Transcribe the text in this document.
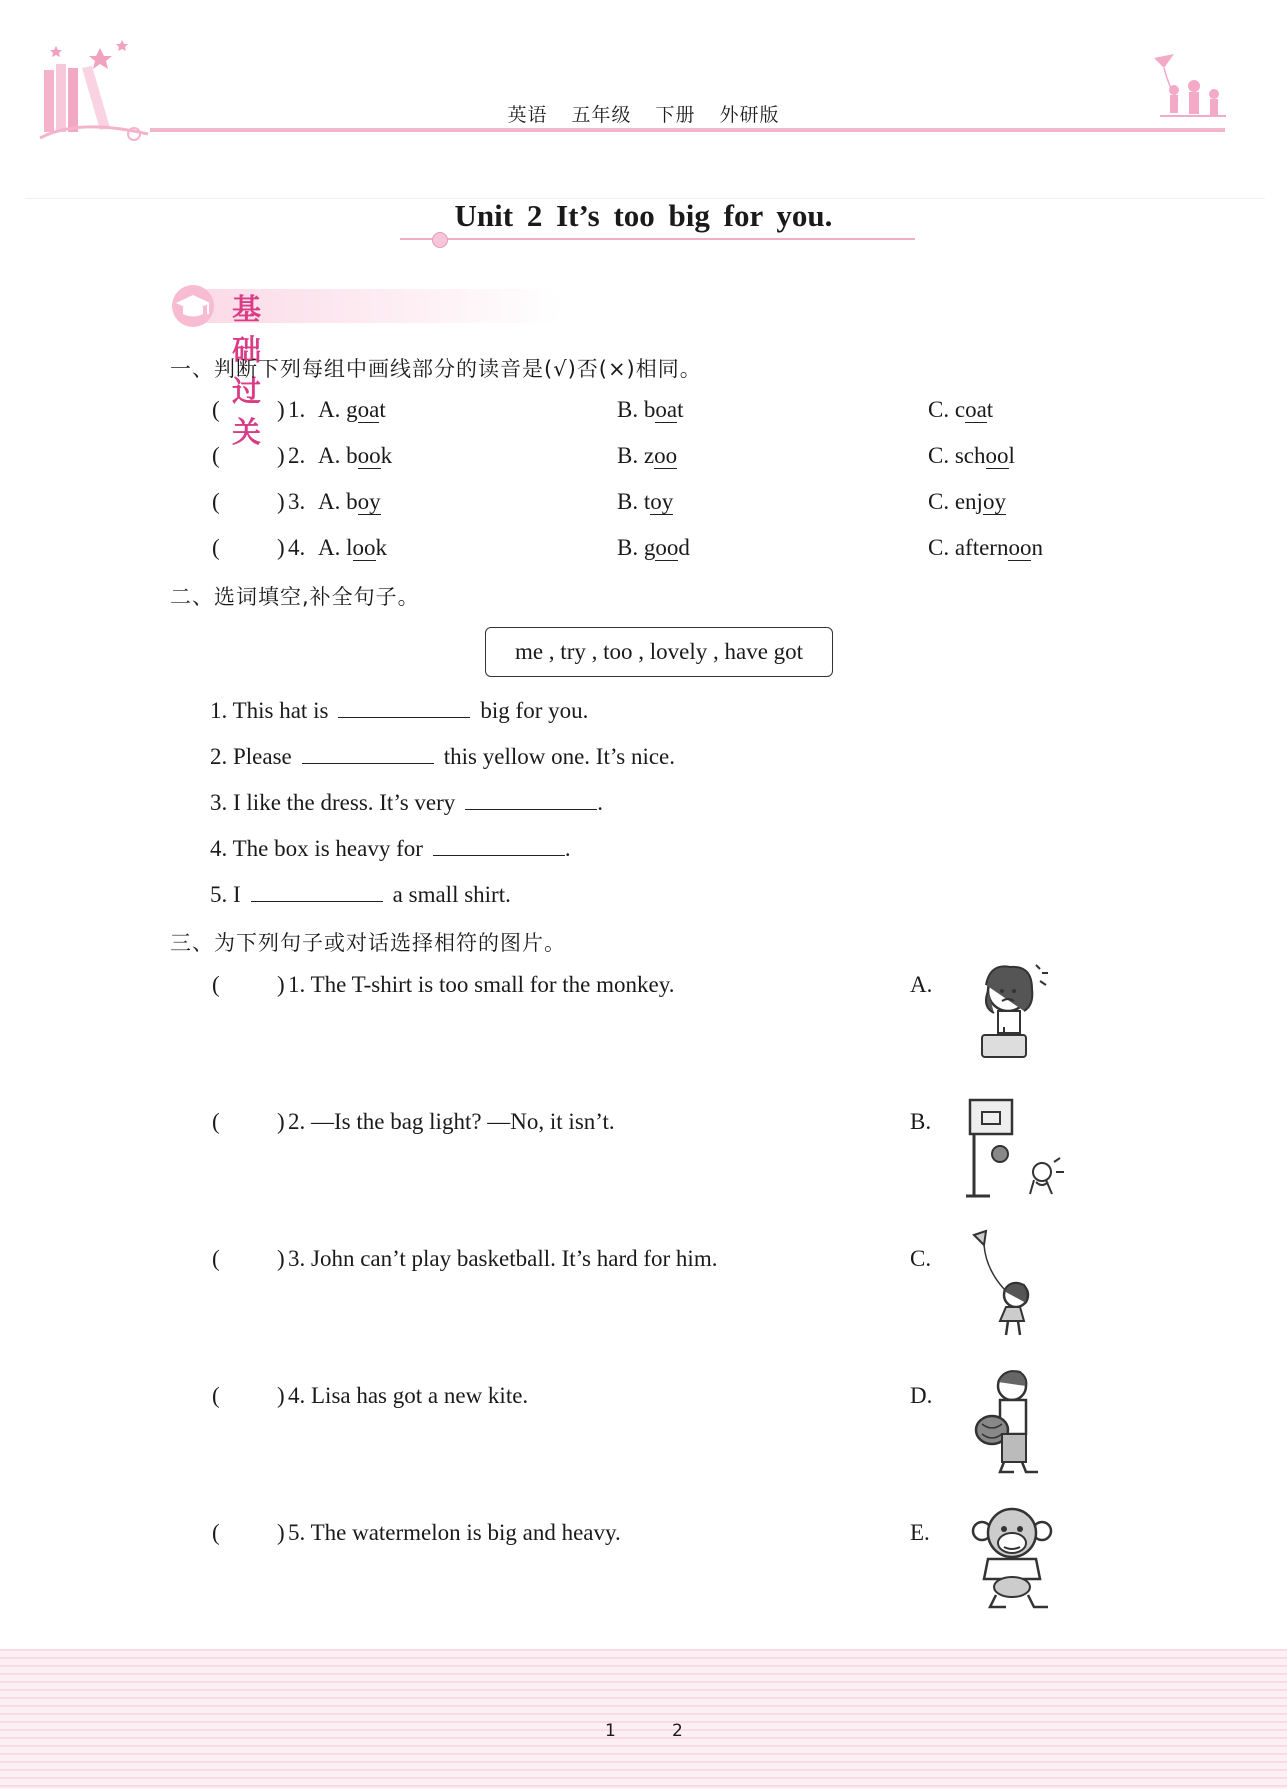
英语 五年级 下册 外研版
Unit 2 It’s too big for you.
基础过关
一、判断下列每组中画线部分的读音是(√)否(×)相同。
( ) 1. A. goat	B. boat	C. coat
( ) 2. A. book	B. zoo	C. school
( ) 3. A. boy	B. toy	C. enjoy
( ) 4. A. look	B. good	C. afternoon
二、选词填空,补全句子。
me , try , too , lovely , have got
1. This hat is	big for you.
2. Please	this yellow one. It’s nice.
3. I like the dress. It’s very	.
4. The box is heavy for	.
5. I	a small shirt.
三、为下列句子或对话选择相符的图片。
( ) 1. The T-shirt is too small for the monkey.	A.
( ) 2. —Is the bag light? —No, it isn’t.	B.
( ) 3. John can’t play basketball. It’s hard for him.	C.
( ) 4. Lisa has got a new kite.	D.
( ) 5. The watermelon is big and heavy.	E.
1	2
